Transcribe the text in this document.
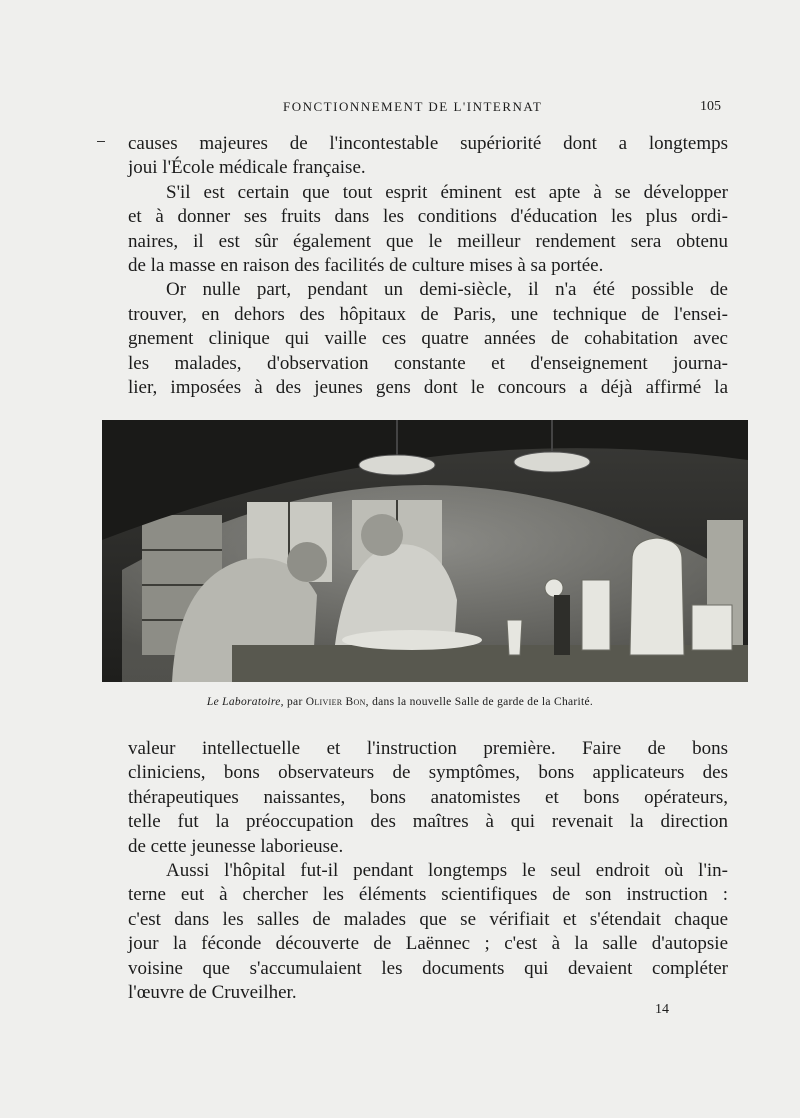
FONCTIONNEMENT DE L'INTERNAT	105
causes majeures de l'incontestable supériorité dont a longtemps
joui l'École médicale française.
S'il est certain que tout esprit éminent est apte à se développer
et à donner ses fruits dans les conditions d'éducation les plus ordi-
naires, il est sûr également que le meilleur rendement sera obtenu
de la masse en raison des facilités de culture mises à sa portée.
Or nulle part, pendant un demi-siècle, il n'a été possible de
trouver, en dehors des hôpitaux de Paris, une technique de l'ensei-
gnement clinique qui vaille ces quatre années de cohabitation avec
les malades, d'observation constante et d'enseignement journa-
lier, imposées à des jeunes gens dont le concours a déjà affirmé la
Le Laboratoire, par Olivier Bon, dans la nouvelle Salle de garde de la Charité.
valeur intellectuelle et l'instruction première. Faire de bons
cliniciens, bons observateurs de symptômes, bons applicateurs des
thérapeutiques naissantes, bons anatomistes et bons opérateurs,
telle fut la préoccupation des maîtres à qui revenait la direction
de cette jeunesse laborieuse.
Aussi l'hôpital fut-il pendant longtemps le seul endroit où l'in-
terne eut à chercher les éléments scientifiques de son instruction :
c'est dans les salles de malades que se vérifiait et s'étendait chaque
jour la féconde découverte de Laënnec ; c'est à la salle d'autopsie
voisine que s'accumulaient les documents qui devaient compléter
l'œuvre de Cruveilher.
14
